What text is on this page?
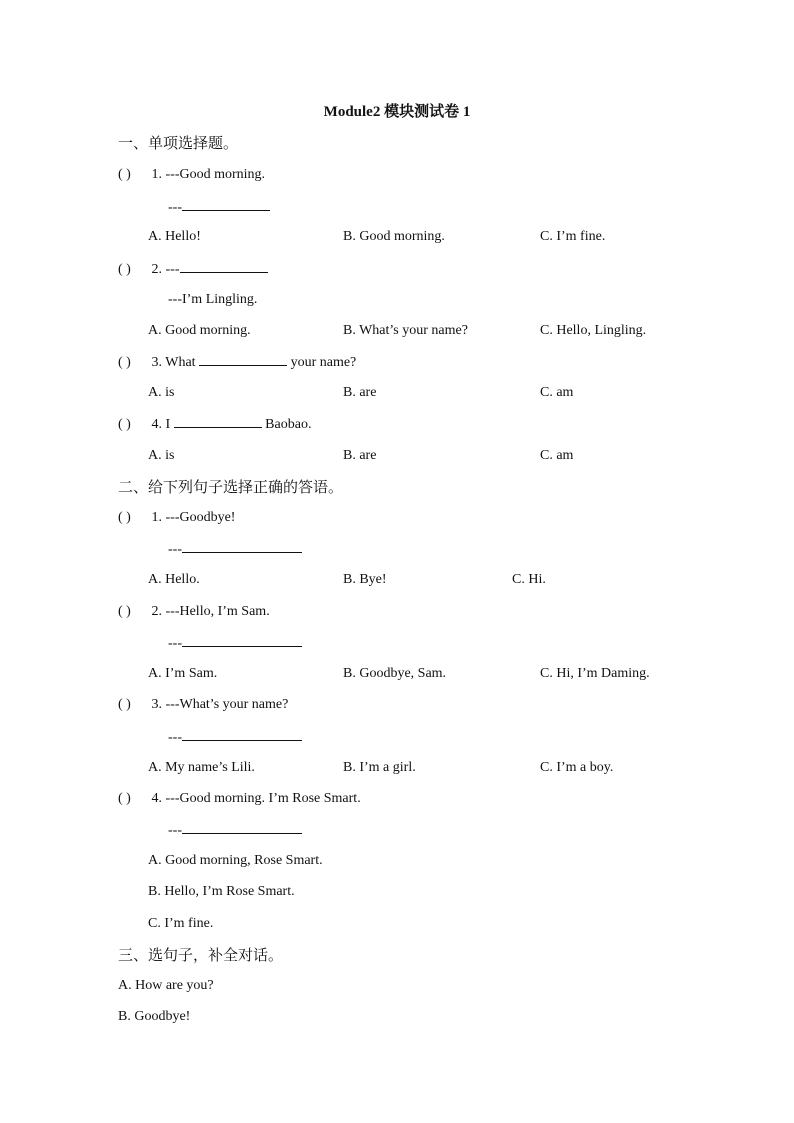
Module2 模块测试卷 1
一、单项选择题。
( ) 1. ---Good morning.
---
A. Hello!	B. Good morning.	C. I’m fine.
( ) 2. ---
---I’m Lingling.
A. Good morning.	B. What’s your name?	C. Hello, Lingling.
( ) 3. What	your name?
A. is	B. are	C. am
( ) 4. I	Baobao.
A. is	B. are	C. am
二、给下列句子选择正确的答语。
( ) 1. ---Goodbye!
---
A. Hello.	B. Bye!	C. Hi.
( ) 2. ---Hello, I’m Sam.
---
A. I’m Sam.	B. Goodbye, Sam.	C. Hi, I’m Daming.
( ) 3. ---What’s your name?
---
A. My name’s Lili.	B. I’m a girl.	C. I’m a boy.
( ) 4. ---Good morning. I’m Rose Smart.
---
A. Good morning, Rose Smart.
B. Hello, I’m Rose Smart.
C. I’m fine.
三、选句子，补全对话。
A. How are you?
B. Goodbye!
